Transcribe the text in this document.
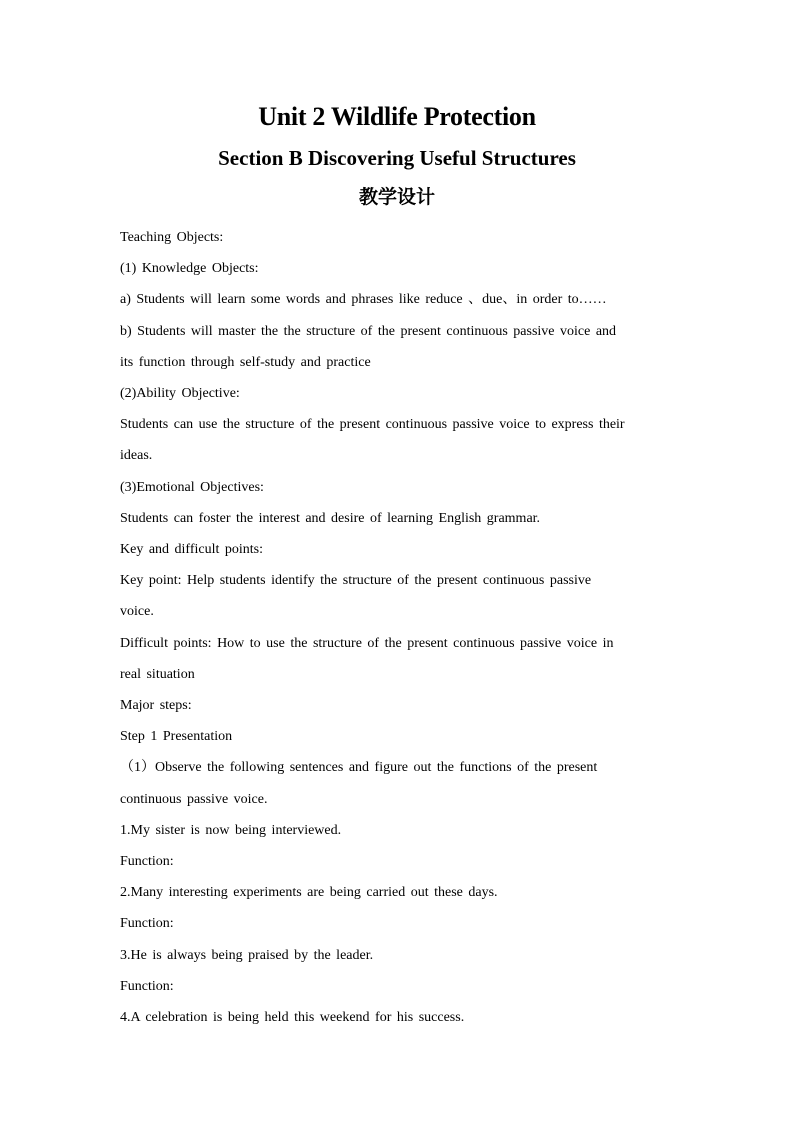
Unit 2 Wildlife Protection
Section B Discovering Useful Structures
教学设计

Teaching Objects:

(1) Knowledge Objects:

a) Students will learn some words and phrases like reduce 、due、in order to……

b) Students will master the the structure of the present continuous passive voice and

its function through self-study and practice

(2)Ability Objective:

Students can use the structure of the present continuous passive voice to express their

ideas.

(3)Emotional Objectives:

Students can foster the interest and desire of learning English grammar.

Key and difficult points:

Key point: Help students identify the structure of the present continuous passive

voice.

Difficult points: How to use the structure of the present continuous passive voice in

real situation

Major steps:

Step 1 Presentation

（1）Observe the following sentences and figure out the functions of the present

continuous passive voice.

1.My sister is now being interviewed.

Function:

2.Many interesting experiments are being carried out these days.

Function:

3.He is always being praised by the leader.

Function:

4.A celebration is being held this weekend for his success.
